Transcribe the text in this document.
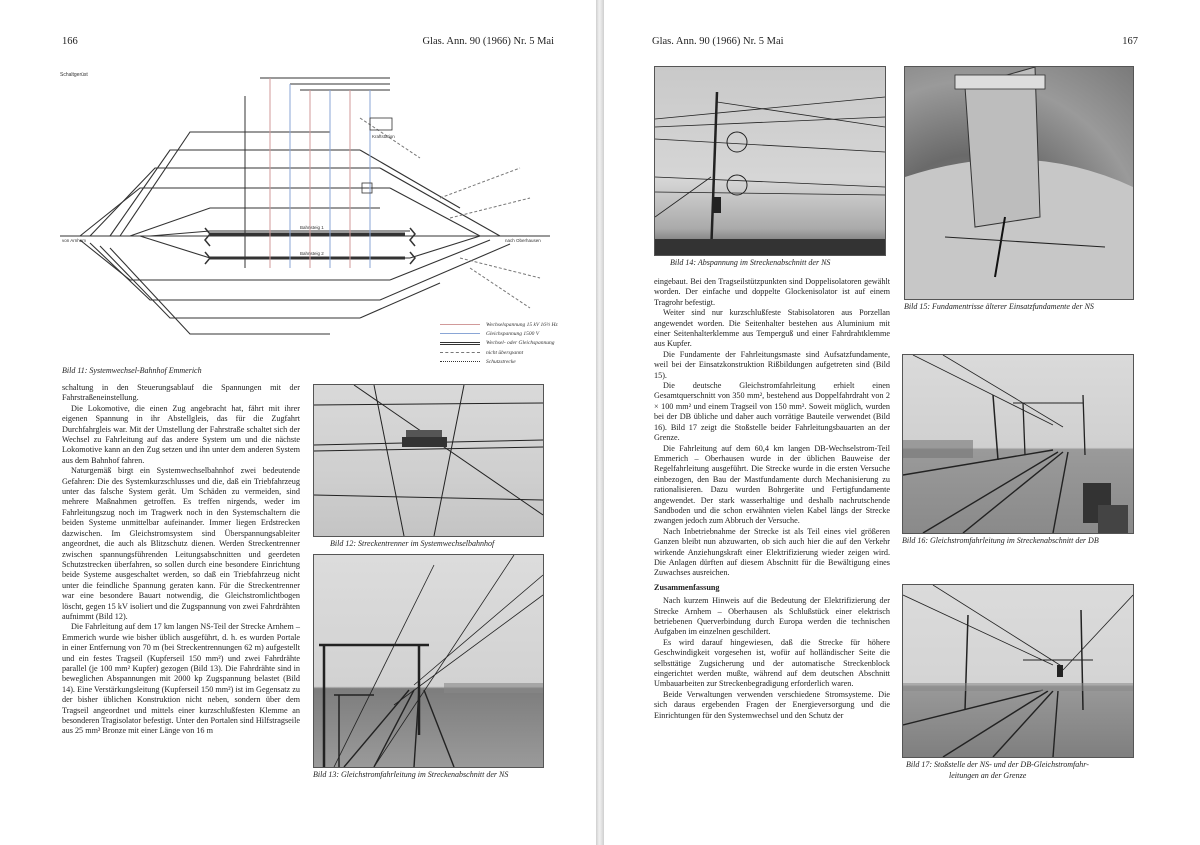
166	Glas. Ann. 90 (1966) Nr. 5 Mai
Schaltgerüst
Kraftstation
von Arnhem	nach Oberhausen
Bahnsteig 1
Bahnsteig 2
Wechselspannung 15 kV 16⅔ Hz
Gleichspannung 1500 V
Wechsel- oder Gleichspannung
nicht überspannt
Schutzstrecke
Bild 11: Systemwechsel-Bahnhof Emmerich

schaltung in den Steuerungsablauf die Spannungen mit der Fahrstraßeneinstellung.

Die Lokomotive, die einen Zug angebracht hat, fährt mit ihrer eigenen Spannung in ihr Abstellgleis, das für die Zugfahrt Durchfahrgleis war. Mit der Umstellung der Fahrstraße schaltet sich der Wechsel zu Fahrleitung auf das andere System um und die nächste Lokomotive kann an den Zug setzen und ihn unter dem anderen System aus dem Bahnhof fahren.

Naturgemäß birgt ein Systemwechselbahnhof zwei bedeutende Gefahren: Die des Systemkurzschlusses und die, daß ein Triebfahrzeug unter das falsche System gerät. Um Schäden zu vermeiden, sind mehrere Maßnahmen getroffen. Es treffen nirgends, weder im Fahrleitungszug noch im Tragwerk noch in den Systemschaltern die beiden Systeme unmittelbar aufeinander. Immer liegen Erdstrecken dazwischen. Im Gleichstromsystem sind Überspannungsableiter angeordnet, die auch als Blitzschutz dienen. Werden Streckentrenner zwischen spannungsführenden Leitungsabschnitten und geerdeten Schutzstrecken überfahren, so sollen durch eine besondere Einrichtung beide Systeme ausgeschaltet werden, so daß ein Triebfahrzeug nicht unter die feindliche Spannung geraten kann. Für die Streckentrenner war eine besondere Bauart notwendig, die Gleichstromlichtbogen löscht, gegen 15 kV isoliert und die Zugspannung von zwei Fahrdrähten aufnimmt (Bild 12).

Die Fahrleitung auf dem 17 km langen NS-Teil der Strecke Arnhem – Emmerich wurde wie bisher üblich ausgeführt, d. h. es wurden Portale in einer Entfernung von 70 m (bei Streckentrennungen 62 m) aufgestellt und ein festes Tragseil (Kupferseil 150 mm²) und zwei Fahrdrähte parallel (je 100 mm² Kupfer) gezogen (Bild 13). Die Fahrdrähte sind in beweglichen Abspannungen mit 2000 kp Zugspannung belastet (Bild 14). Eine Verstärkungsleitung (Kupferseil 150 mm²) ist im Gegensatz zu der bisher üblichen Konstruktion nicht neben, sondern über dem Tragseil angeordnet und mittels einer kurzschlußfesten Klemme an besonderen Tragisolator befestigt. Unter den Portalen sind Hilfstragseile aus 25 mm² Bronze mit einer Länge von 16 m

Bild 12: Streckentrenner im Systemwechselbahnhof
Bild 13: Gleichstromfahrleitung im Streckenabschnitt der NS
Glas. Ann. 90 (1966) Nr. 5 Mai	167
Bild 14: Abspannung im Streckenabschnitt der NS
Bild 15: Fundamentrisse älterer Einsatzfundamente der NS

eingebaut. Bei den Tragseilstützpunkten sind Doppelisolatoren gewählt worden. Der einfache und doppelte Glockenisolator ist auf einem Tragrohr befestigt.

Weiter sind nur kurzschlußfeste Stabisolatoren aus Porzellan angewendet worden. Die Seitenhalter bestehen aus Aluminium mit einer Seitenhalterklemme aus Temperguß und einer Fahrdrahtklemme aus Kupfer.

Die Fundamente der Fahrleitungsmaste sind Aufsatzfundamente, weil bei der Einsatzkonstruktion Rißbildungen aufgetreten sind (Bild 15).

Die deutsche Gleichstromfahrleitung erhielt einen Gesamtquerschnitt von 350 mm², bestehend aus Doppelfahrdraht von 2 × 100 mm² und einem Tragseil von 150 mm². Soweit möglich, wurden bei der DB übliche und daher auch vorrätige Bauteile verwendet (Bild 16). Bild 17 zeigt die Stoßstelle beider Fahrleitungsbauarten an der Grenze.

Die Fahrleitung auf dem 60,4 km langen DB-Wechselstrom-Teil Emmerich – Oberhausen wurde in der üblichen Bauweise der Regelfahrleitung ausgeführt. Die Strecke wurde in die ersten Versuche einbezogen, den Bau der Mastfundamente durch Mechanisierung zu rationalisieren. Dazu wurden Bohrgeräte und Fertigfundamente angewendet. Der stark wasserhaltige und deshalb nachrutschende Sandboden und die schon erwähnten vielen Kabel längs der Strecke zwangen jedoch zum Abbruch der Versuche.

Nach Inbetriebnahme der Strecke ist als Teil eines viel größeren Ganzen bleibt nun abzuwarten, ob sich auch hier die auf den Verkehr wirkende Anziehungskraft einer Elektrifizierung wieder zeigen wird. Die Anlagen dürften auf diesem Abschnitt für die Bewältigung eines Zuwachses ausreichen.

Zusammenfassung

Nach kurzem Hinweis auf die Bedeutung der Elektrifizierung der Strecke Arnhem – Oberhausen als Schlußstück einer elektrisch betriebenen Querverbindung durch Europa werden die technischen Aufgaben im einzelnen geschildert.

Es wird darauf hingewiesen, daß die Strecke für höhere Geschwindigkeit vorgesehen ist, wofür auf holländischer Seite die selbsttätige Zugsicherung und der automatische Streckenblock eingerichtet werden mußte, während auf dem deutschen Abschnitt Umbauarbeiten zur Streckenbegradigung erforderlich waren.

Beide Verwaltungen verwenden verschiedene Stromsysteme. Die sich daraus ergebenden Fragen der Energieversorgung und die Einrichtungen für den Systemwechsel und den Schutz der

Bild 16: Gleichstromfahrleitung im Streckenabschnitt der DB
Bild 17: Stoßstelle der NS- und der DB-Gleichstromfahr-
leitungen an der Grenze
